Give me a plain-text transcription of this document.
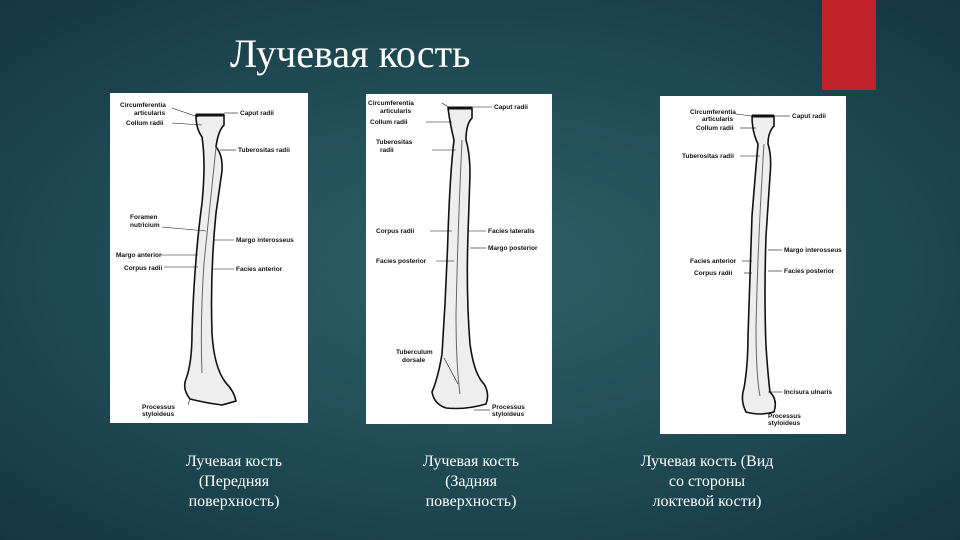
Лучевая кость
Circumferentia
articularis
Collum radii
Caput radii
Tuberositas radii
Foramen
nutricium
Margo interosseus
Margo anterior
Corpus radii	Facies anterior
Processus
styloideus
Circumferentia
articularis
Caput radii
Collum radii
Tuberositas
radii
Corpus radii	Facies lateralis
Margo posterior
Facies posterior
Tuberculum
dorsale
Processus
styloideus
Circumferentia
articularis
Collum radii
Caput radii
Tuberositas radii
Margo interosseus
Facies anterior
Corpus radii	Facies posterior
Incisura ulnaris
Processus
styloideus
Лучевая кость
(Передняя
поверхность)
Лучевая кость
(Задняя
поверхность)
Лучевая кость (Вид
со стороны
локтевой кости)
